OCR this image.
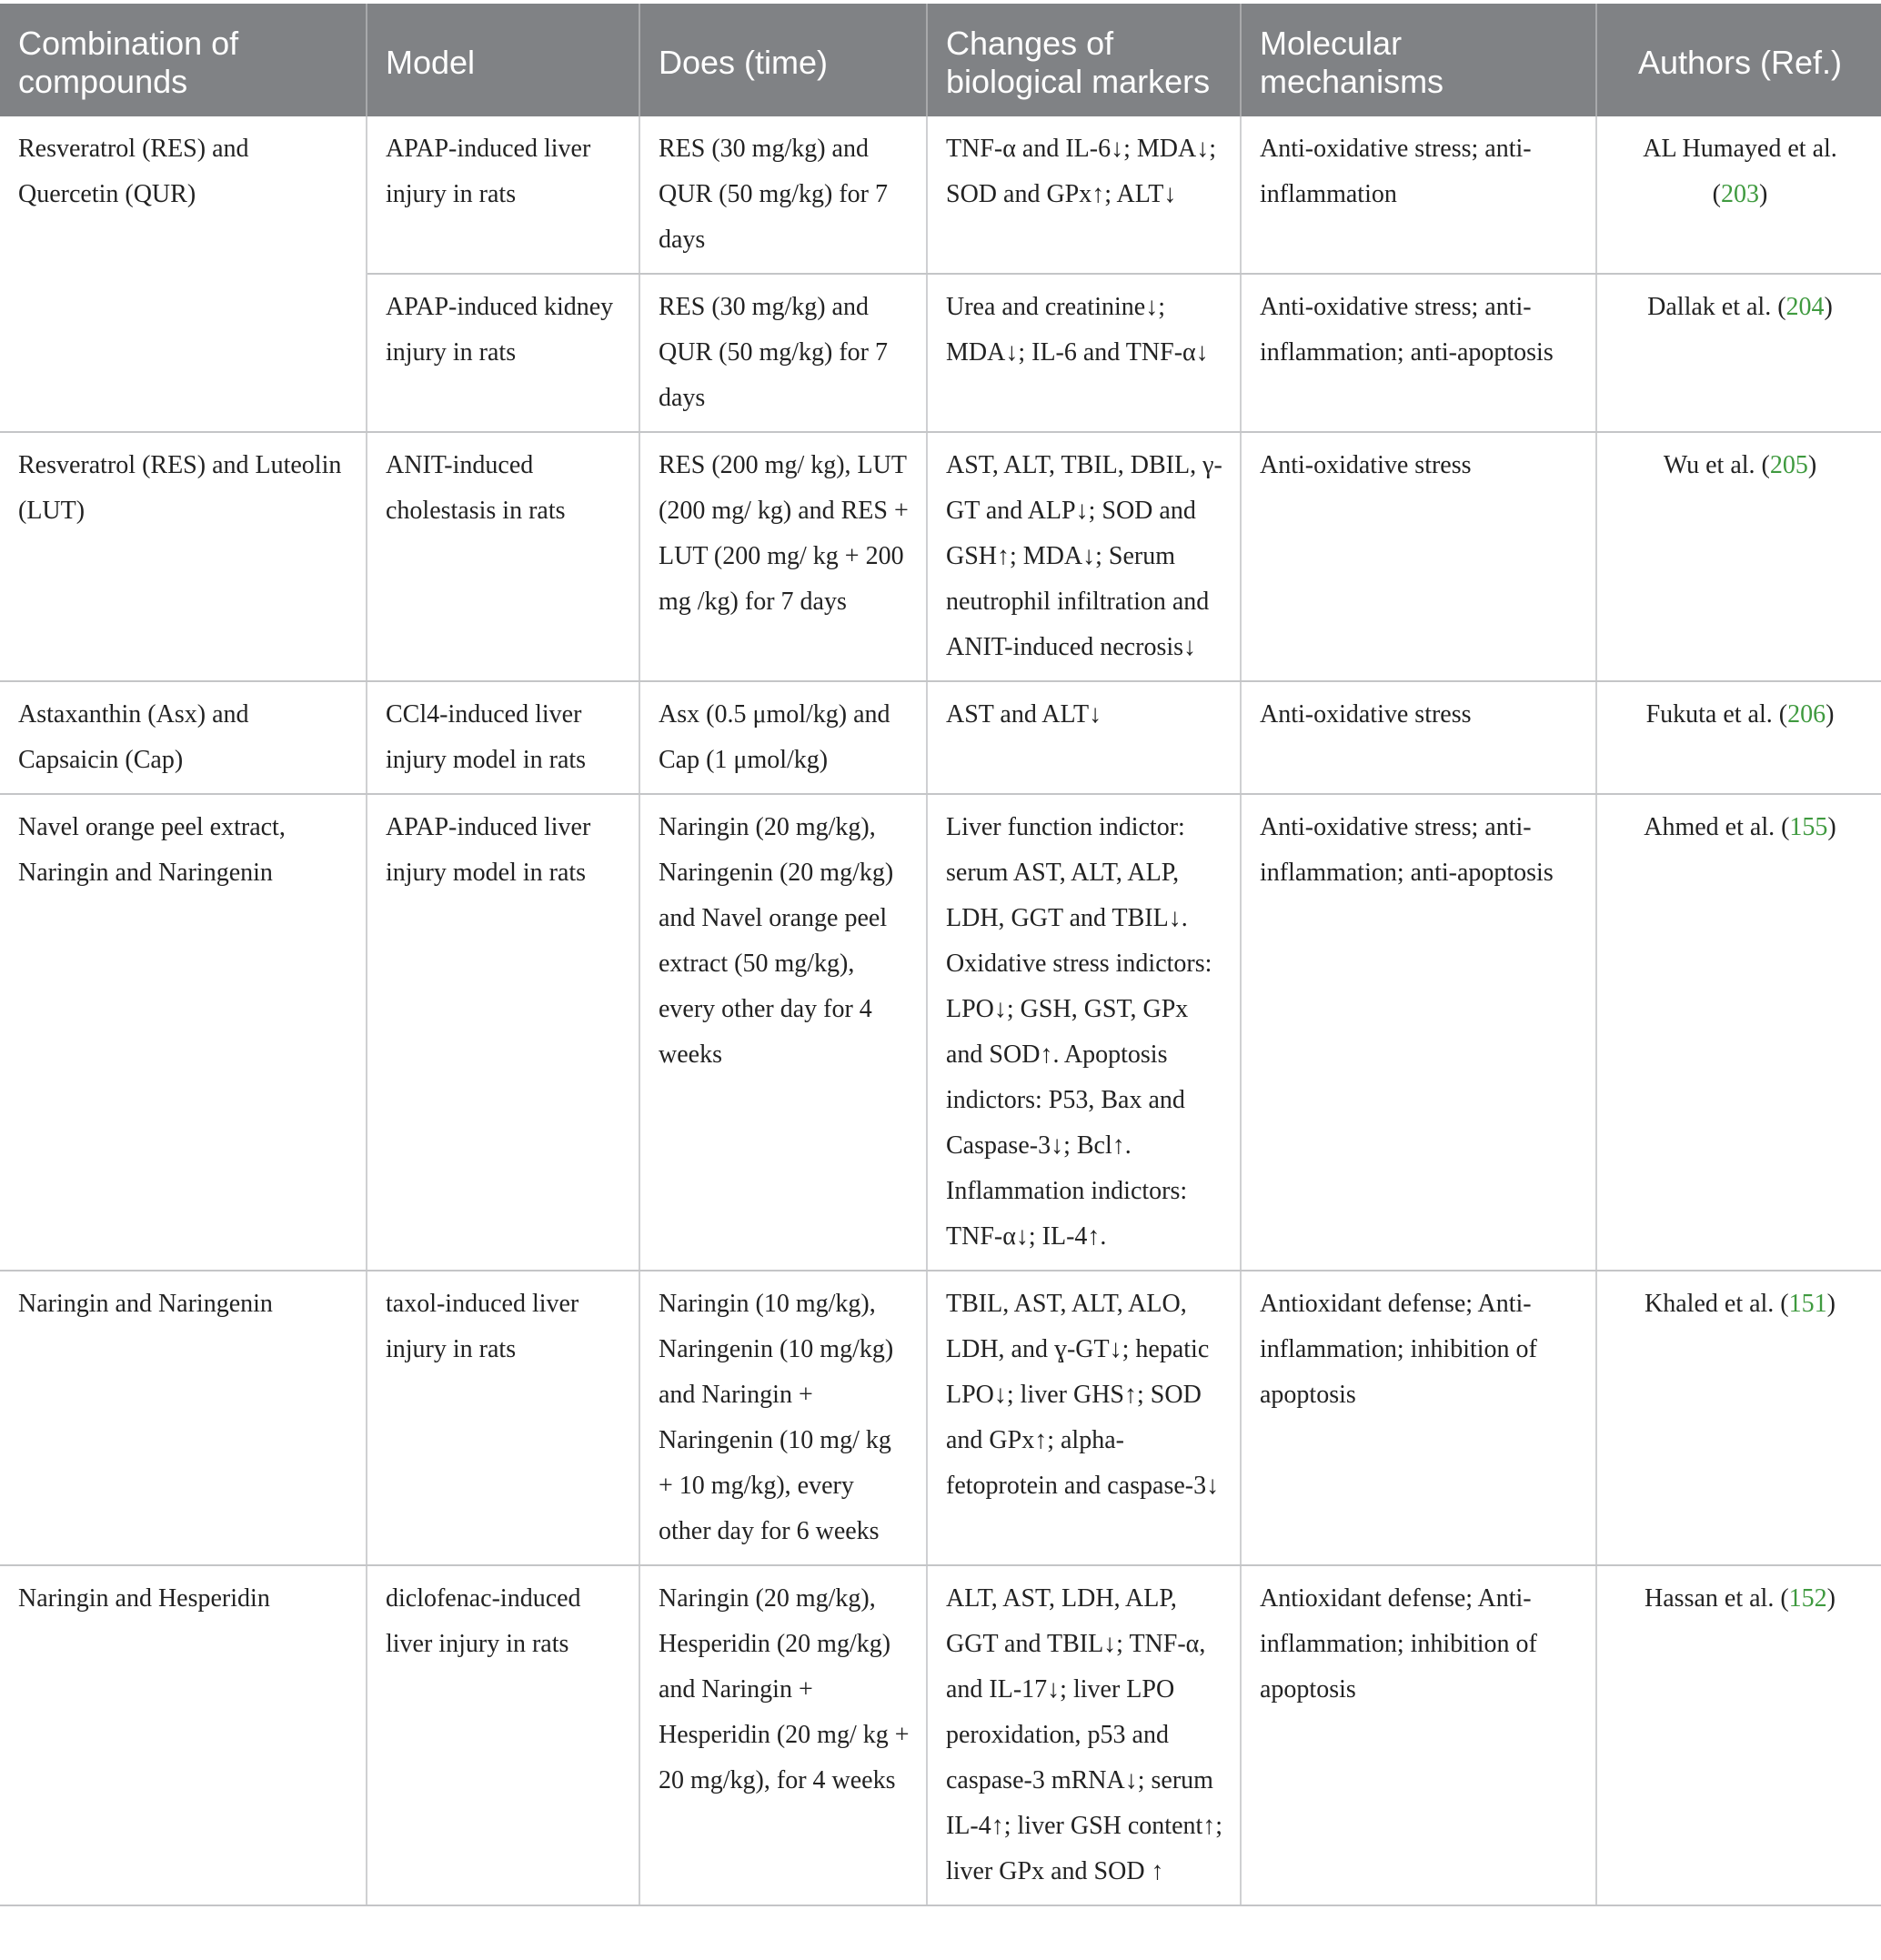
Combination of compounds	Model	Does (time)	Changes of biological markers	Molecular mechanisms	Authors (Ref.)
Resveratrol (RES) and Quercetin (QUR)	APAP-induced liver injury in rats	RES (30 mg/kg) and QUR (50 mg/kg) for 7 days	TNF-α and IL-6↓; MDA↓; SOD and GPx↑; ALT↓	Anti-oxidative stress; anti-inflammation	AL Humayed et al. (203)
	APAP-induced kidney injury in rats	RES (30 mg/kg) and QUR (50 mg/kg) for 7 days	Urea and creatinine↓; MDA↓; IL-6 and TNF-α↓	Anti-oxidative stress; anti-inflammation; anti-apoptosis	Dallak et al. (204)
Resveratrol (RES) and Luteolin (LUT)	ANIT-induced cholestasis in rats	RES (200 mg/ kg), LUT (200 mg/ kg) and RES + LUT (200 mg/ kg + 200 mg /kg) for 7 days	AST, ALT, TBIL, DBIL, γ-GT and ALP↓; SOD and GSH↑; MDA↓; Serum neutrophil infiltration and ANIT-induced necrosis↓	Anti-oxidative stress	Wu et al. (205)
Astaxanthin (Asx) and Capsaicin (Cap)	CCl4-induced liver injury model in rats	Asx (0.5 μmol/kg) and Cap (1 μmol/kg)	AST and ALT↓	Anti-oxidative stress	Fukuta et al. (206)
Navel orange peel extract, Naringin and Naringenin	APAP-induced liver injury model in rats	Naringin (20 mg/kg), Naringenin (20 mg/kg) and Navel orange peel extract (50 mg/kg), every other day for 4 weeks	Liver function indictor: serum AST, ALT, ALP, LDH, GGT and TBIL↓. Oxidative stress indictors: LPO↓; GSH, GST, GPx and SOD↑. Apoptosis indictors: P53, Bax and Caspase-3↓; Bcl↑. Inflammation indictors: TNF-α↓; IL-4↑.	Anti-oxidative stress; anti-inflammation; anti-apoptosis	Ahmed et al. (155)
Naringin and Naringenin	taxol-induced liver injury in rats	Naringin (10 mg/kg), Naringenin (10 mg/kg) and Naringin + Naringenin (10 mg/ kg + 10 mg/kg), every other day for 6 weeks	TBIL, AST, ALT, ALO, LDH, and ɣ-GT↓; hepatic LPO↓; liver GHS↑; SOD and GPx↑; alpha-fetoprotein and caspase-3↓	Antioxidant defense; Anti-inflammation; inhibition of apoptosis	Khaled et al. (151)
Naringin and Hesperidin	diclofenac-induced liver injury in rats	Naringin (20 mg/kg), Hesperidin (20 mg/kg) and Naringin + Hesperidin (20 mg/ kg + 20 mg/kg), for 4 weeks	ALT, AST, LDH, ALP, GGT and TBIL↓; TNF-α, and IL-17↓; liver LPO peroxidation, p53 and caspase-3 mRNA↓; serum IL-4↑; liver GSH content↑; liver GPx and SOD ↑	Antioxidant defense; Anti-inflammation; inhibition of apoptosis	Hassan et al. (152)
